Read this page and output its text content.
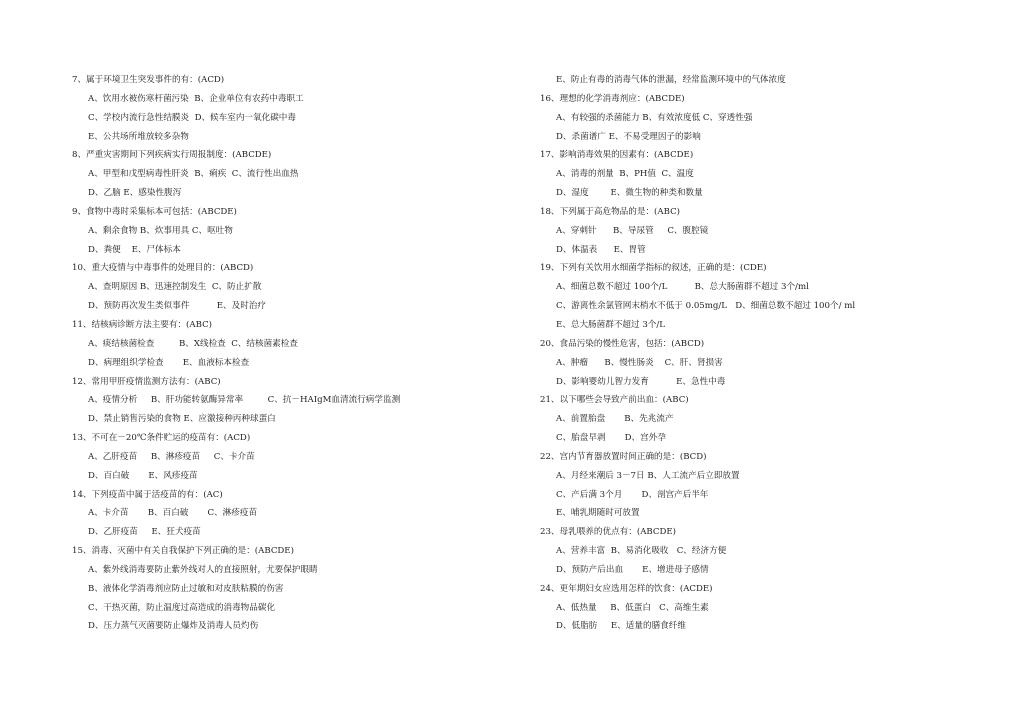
7、属于环境卫生突发事件的有：(ACD)
A、饮用水被伤寒杆菌污染  B、企业单位有农药中毒职工
C、学校内流行急性结膜炎  D、候车室内一氧化碳中毒
E、公共场所堆放较多杂物
8、严重灾害期间下列疾病实行周报制度：(ABCDE)
A、甲型和戊型病毒性肝炎  B、痢疾  C、流行性出血热
D、乙脑 E、感染性腹泻
9、食物中毒时采集标本可包括：(ABCDE)
A、剩余食物 B、炊事用具 C、呕吐物
D、粪便    E、尸体标本
10、重大疫情与中毒事件的处理目的：(ABCD)
A、查明原因 B、迅速控制发生  C、防止扩散
D、预防再次发生类似事件          E、及时治疗
11、结核病诊断方法主要有：(ABC)
A、痰结核菌检查         B、X线检查  C、结核菌素检查
D、病理组织学检查       E、血液标本检查
12、常用甲肝疫情监测方法有：(ABC)
A、疫情分析     B、肝功能转氨酶异常率         C、抗－HAIgM血清流行病学监测
D、禁止销售污染的食物 E、应激接种丙种球蛋白
13、不可在－20℃条件贮运的疫苗有：(ACD)
A、乙肝疫苗     B、淋疹疫苗     C、卡介苗
D、百白破       E、风疹疫苗
14、下列疫苗中属于活疫苗的有：(AC)
A、卡介苗       B、百白破       C、淋疹疫苗
D、乙肝疫苗     E、狂犬疫苗
15、消毒、灭菌中有关自我保护下列正确的是：(ABCDE)
A、紫外线消毒要防止紫外线对人的直接照射，尤要保护眼睛
B、液体化学消毒剂应防止过敏和对皮肤粘膜的伤害
C、干热灭菌，防止温度过高造成的消毒物品碳化
D、压力蒸气灭菌要防止爆炸及消毒人员灼伤
E、防止有毒的消毒气体的泄漏，经常监测环境中的气体浓度
16、理想的化学消毒剂应：(ABCDE)
A、有较强的杀菌能力 B、有效浓度低 C、穿透性强
D、杀菌谱广 E、不易受理因子的影响
17、影响消毒效果的因素有：(ABCDE)
A、消毒的剂量  B、PH值  C、温度
D、湿度        E、微生物的种类和数量
18、下列属于高危物品的是：(ABC)
A、穿刺针      B、导尿管     C、腹腔镜
D、体温表      E、胃管
19、下列有关饮用水细菌学指标的叙述，正确的是：(CDE)
A、细菌总数不超过 100个/L          B、总大肠菌群不超过 3个/ml
C、游离性余氯管网末梢水不低于 0.05mg/L   D、细菌总数不超过 100个/ ml
E、总大肠菌群不超过 3个/L
20、食品污染的慢性危害，包括：(ABCD)
A、肿瘤      B、慢性肠炎    C、肝、肾损害
D、影响婴幼儿智力发育          E、急性中毒
21、以下哪些会导致产前出血：(ABC)
A、前置胎盘       B、先兆流产
C、胎盘早剥       D、宫外孕
22、宫内节育器放置时间正确的是：(BCD)
A、月经来潮后 3－7日 B、人工流产后立即放置
C、产后满 3个月       D、剖宫产后半年
E、哺乳期随时可放置
23、母乳喂养的优点有：(ABCDE)
A、营养丰富  B、易消化吸收   C、经济方便
D、预防产后出血       E、增进母子感情
24、更年期妇女应选用怎样的饮食：(ACDE)
A、低热量     B、低蛋白   C、高维生素
D、低脂肪     E、适量的膳食纤维
